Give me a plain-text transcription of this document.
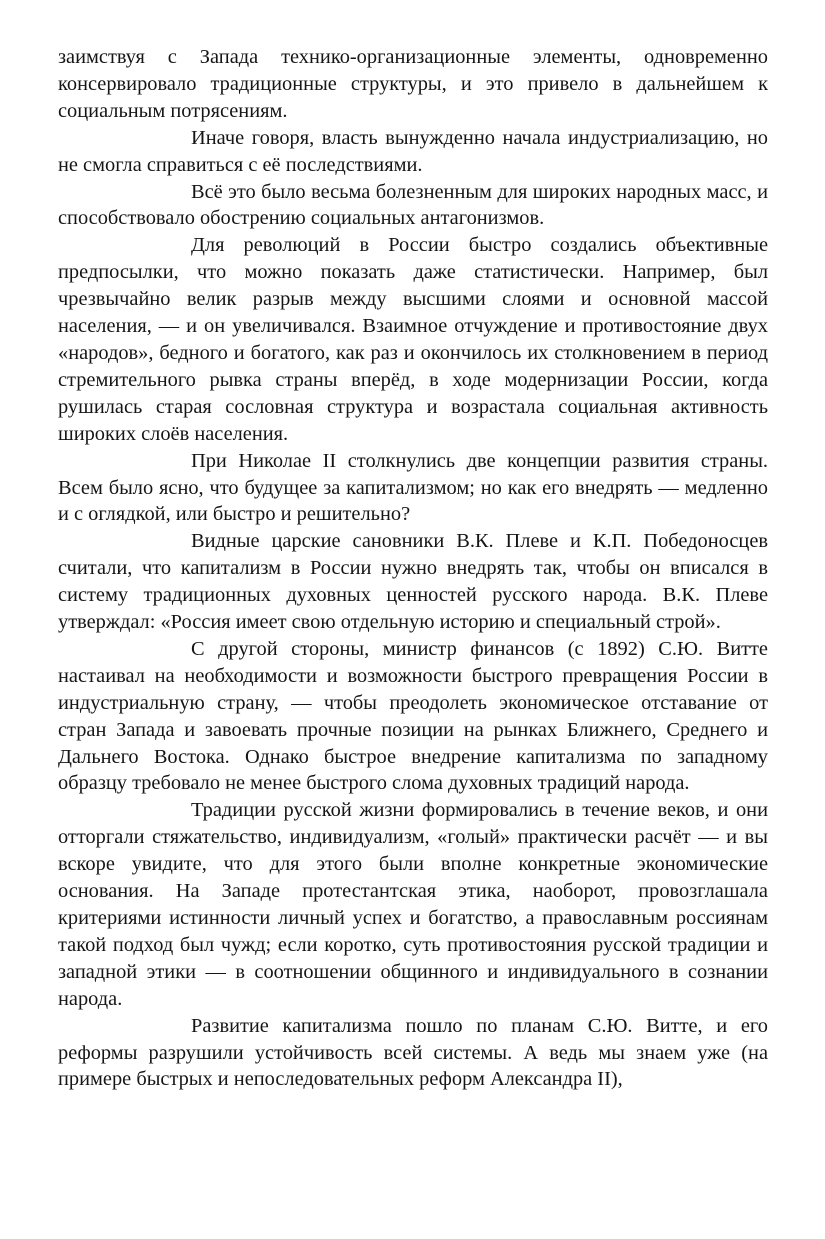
заимствуя с Запада технико-организационные элементы, одновременно консервировало традиционные структуры, и это привело в дальнейшем к социальным потрясениям.

Иначе говоря, власть вынужденно начала индустриализацию, но не смогла справиться с её последствиями.

Всё это было весьма болезненным для широких народных масс, и способствовало обострению социальных антагонизмов.

Для революций в России быстро создались объективные предпосылки, что можно показать даже статистически. Например, был чрезвычайно велик разрыв между высшими слоями и основной массой населения, — и он увеличивался. Взаимное отчуждение и противостояние двух «народов», бедного и богатого, как раз и окончилось их столкновением в период стремительного рывка страны вперёд, в ходе модернизации России, когда рушилась старая сословная структура и возрастала социальная активность широких слоёв населения.

При Николае II столкнулись две концепции развития страны. Всем было ясно, что будущее за капитализмом; но как его внедрять — медленно и с оглядкой, или быстро и решительно?

Видные царские сановники В.К. Плеве и К.П. Победоносцев считали, что капитализм в России нужно внедрять так, чтобы он вписался в систему традиционных духовных ценностей русского народа. В.К. Плеве утверждал: «Россия имеет свою отдельную историю и специальный строй».

С другой стороны, министр финансов (с 1892) С.Ю. Витте настаивал на необходимости и возможности быстрого превращения России в индустриальную страну, — чтобы преодолеть экономическое отставание от стран Запада и завоевать прочные позиции на рынках Ближнего, Среднего и Дальнего Востока. Однако быстрое внедрение капитализма по западному образцу требовало не менее быстрого слома духовных традиций народа.

Традиции русской жизни формировались в течение веков, и они отторгали стяжательство, индивидуализм, «голый» практически расчёт — и вы вскоре увидите, что для этого были вполне конкретные экономические основания. На Западе протестантская этика, наоборот, провозглашала критериями истинности личный успех и богатство, а православным россиянам такой подход был чужд; если коротко, суть противостояния русской традиции и западной этики — в соотношении общинного и индивидуального в сознании народа.

Развитие капитализма пошло по планам С.Ю. Витте, и его реформы разрушили устойчивость всей системы. А ведь мы знаем уже (на примере быстрых и непоследовательных реформ Александра II),
